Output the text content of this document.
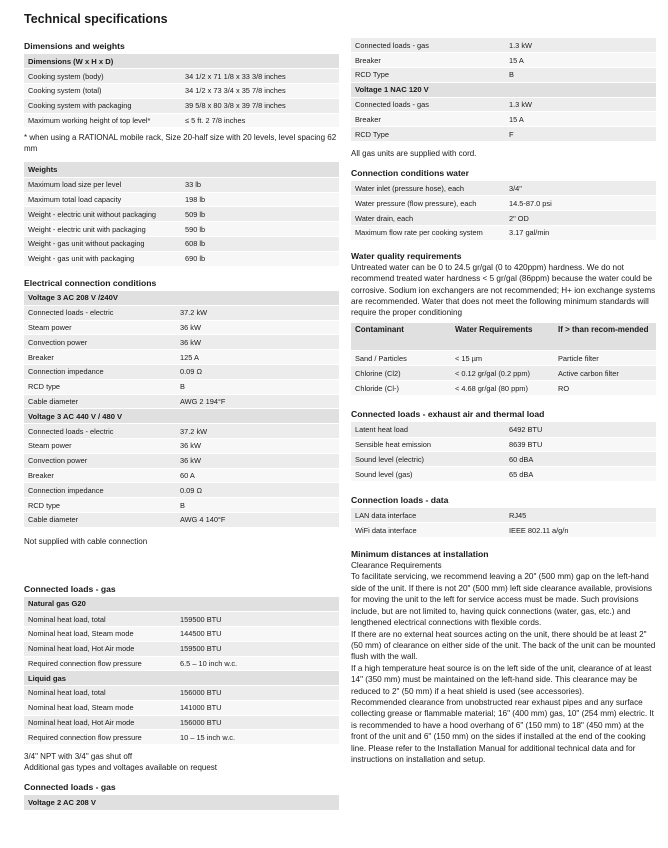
Technical specifications
Dimensions and weights
Dimensions (W x H x D)	
Cooking system (body)	34 1/2 x 71 1/8 x 33 3/8 inches
Cooking system (total)	34 1/2 x 73 3/4 x 35 7/8 inches
Cooking system with packaging	39 5/8 x 80 3/8 x 39 7/8 inches
Maximum working height of top level*	≤ 5 ft. 2 7/8 inches
* when using a RATIONAL mobile rack, Size 20-half size with 20 levels, level spacing 62 mm
Weights	
Maximum load size per level	33 lb
Maximum total load capacity	198 lb
Weight - electric unit without packaging	509 lb
Weight - electric unit with packaging	590 lb
Weight - gas unit without packaging	608 lb
Weight - gas unit with packaging	690 lb
Electrical connection conditions
Voltage 3 AC 208 V /240V	
Connected loads - electric	37.2 kW
Steam power	36 kW
Convection power	36 kW
Breaker	125 A
Connection impedance	0.09 Ω
RCD type	B
Cable diameter	AWG 2 194°F
Voltage 3 AC 440 V / 480 V	
Connected loads - electric	37.2 kW
Steam power	36 kW
Convection power	36 kW
Breaker	60 A
Connection impedance	0.09 Ω
RCD type	B
Cable diameter	AWG 4 140°F
Not supplied with cable connection
Connected loads - gas
Natural gas G20	
Nominal heat load, total	159500 BTU
Nominal heat load, Steam mode	144500 BTU
Nominal heat load, Hot Air mode	159500 BTU
Required connection flow pressure	6.5 – 10 inch w.c.
Liquid gas	
Nominal heat load, total	156000 BTU
Nominal heat load, Steam mode	141000 BTU
Nominal heat load, Hot Air mode	156000 BTU
Required connection flow pressure	10 – 15 inch w.c.
3/4" NPT with 3/4" gas shut off
Additional gas types and voltages available on request
Connected loads - gas
Voltage 2 AC 208 V
Connected loads - gas	1.3 kW
Breaker	15 A
RCD Type	B
Voltage 1 NAC 120 V	
Connected loads - gas	1.3 kW
Breaker	15 A
RCD Type	F
All gas units are supplied with cord.
Connection conditions water
Water inlet (pressure hose), each	3/4"
Water pressure (flow pressure), each	14.5-87.0 psi
Water drain, each	2" OD
Maximum flow rate per cooking system	3.17 gal/min
Water quality requirements
Untreated water can be 0 to 24.5 gr/gal (0 to 420ppm) hardness. We do not recommend treated water hardness < 5 gr/gal (86ppm) because the water could be corrosive. Sodium ion exchangers are not recommended; H+ ion exchange systems are recommended. Water that does not meet the following minimum standards will require the proper conditioning
Contaminant	Water Requirements	If > than recom-mended
Sand / Particles	< 15 µm	Particle filter
Chlorine (Cl2)	< 0.12 gr/gal (0.2 ppm)	Active carbon filter
Chloride (Cl-)	< 4.68 gr/gal (80 ppm)	RO
Connected loads - exhaust air and thermal load
Latent heat load	6492 BTU
Sensible heat emission	8639 BTU
Sound level (electric)	60 dBA
Sound level (gas)	65 dBA
Connection loads - data
LAN data interface	RJ45
WiFi data interface	IEEE 802.11 a/g/n
Minimum distances at installation
Clearance Requirements

To facilitate servicing, we recommend leaving a 20" (500 mm) gap on the left-hand side of the unit. If there is not 20" (500 mm) left side clearance available, provisions for moving the unit to the left for service access must be made. Such provisions include, but are not limited to, having quick connections (water, gas, etc.) and lengthened electrical connections with flexible cords.

If there are no external heat sources acting on the unit, there should be at least 2" (50 mm) of clearance on either side of the unit. The back of the unit can be mounted flush with the wall.

If a high temperature heat source is on the left side of the unit, clearance of at least 14" (350 mm) must be maintained on the left-hand side. This clearance may be reduced to 2" (50 mm) if a heat shield is used (see accessories).

Recommended clearance from unobstructed rear exhaust pipes and any surface collecting grease or flammable material; 16" (400 mm) gas, 10" (254 mm) electric. It is recommended to have a hood overhang of 6" (150 mm) to 18" (450 mm) at the front of the unit and 6" (150 mm) on the sides if installed at the end of the cooking line. Please refer to the Installation Manual for additional technical data and for instructions on installation and setup.
